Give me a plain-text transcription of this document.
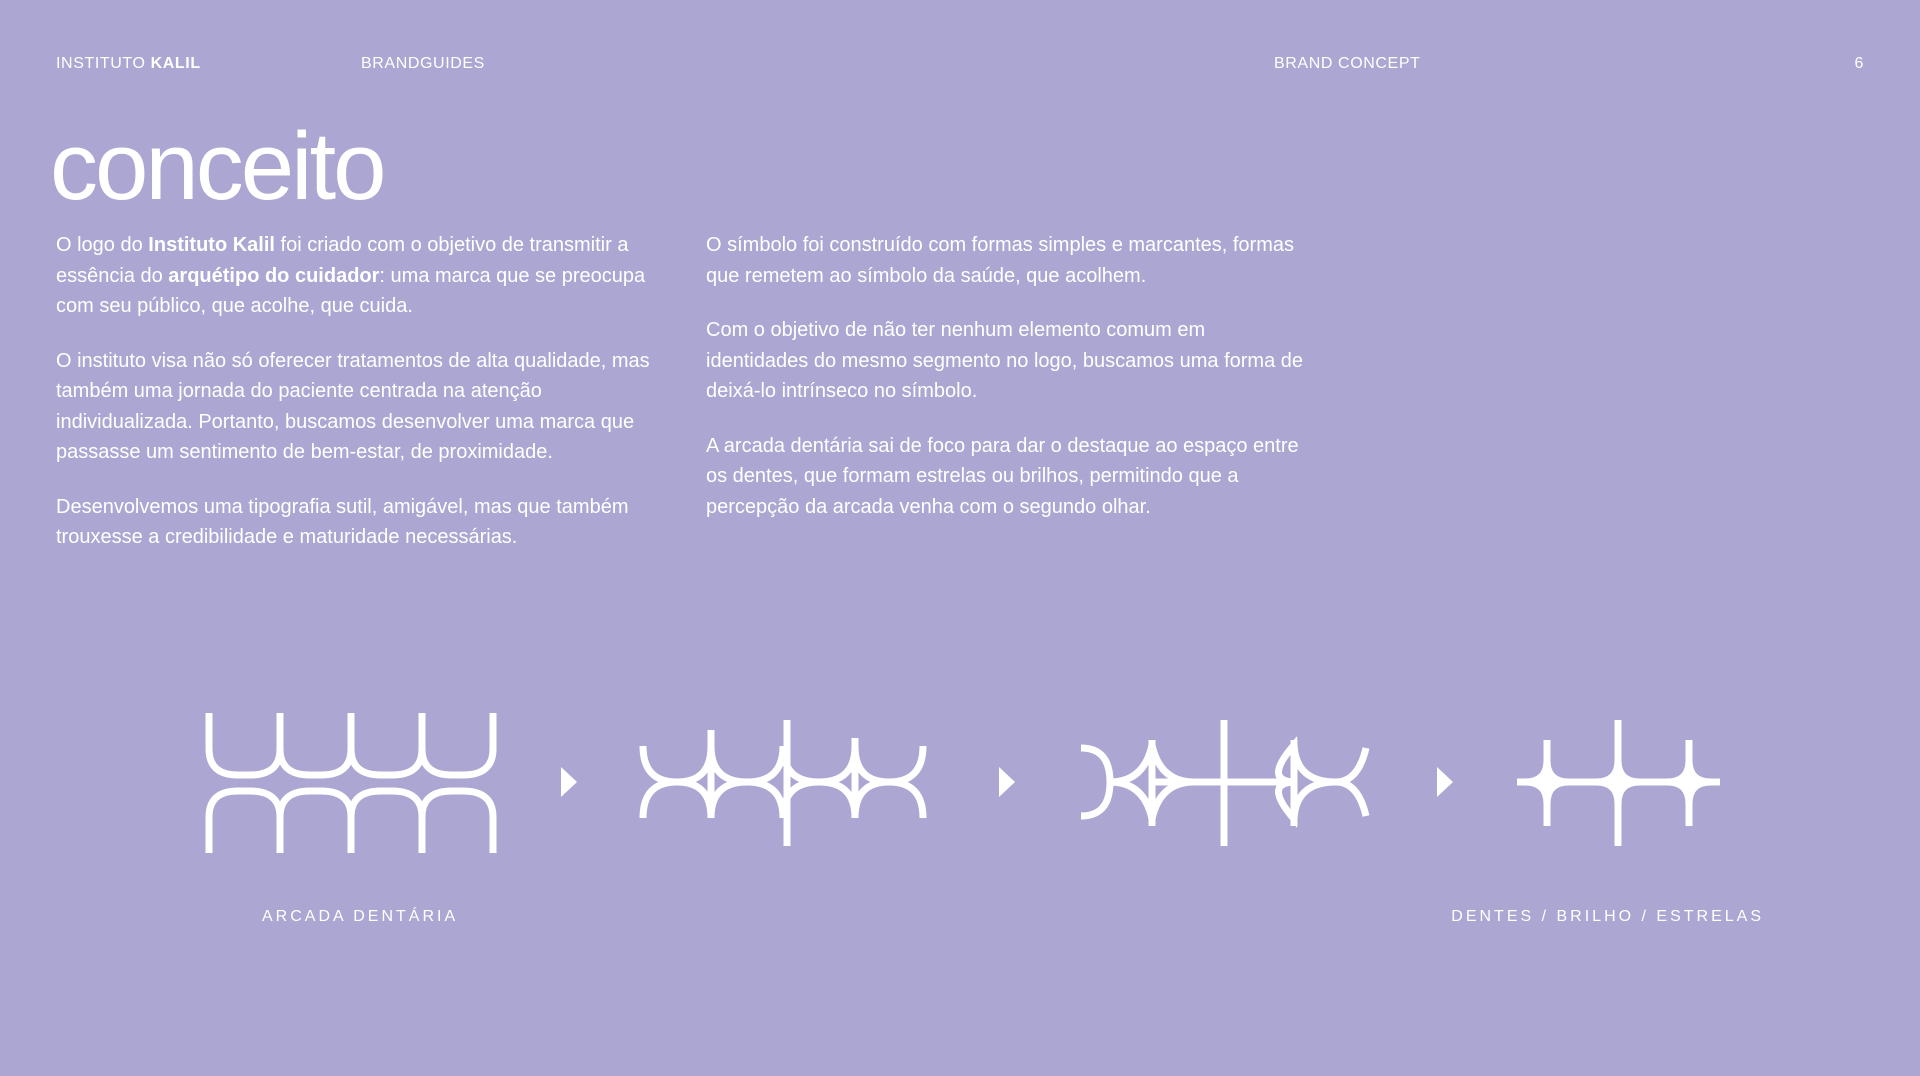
INSTITUTO KALIL	BRANDGUIDES	BRAND CONCEPT	6
conceito

O logo do Instituto Kalil foi criado com o objetivo de transmitir a essência do arquétipo do cuidador: uma marca que se preocupa com seu público, que acolhe, que cuida.

O instituto visa não só oferecer tratamentos de alta qualidade, mas também uma jornada do paciente centrada na atenção individualizada. Portanto, buscamos desenvolver uma marca que passasse um sentimento de bem-estar, de proximidade.

Desenvolvemos uma tipografia sutil, amigável, mas que também trouxesse a credibilidade e maturidade necessárias.

O símbolo foi construído com formas simples e marcantes, formas que remetem ao símbolo da saúde, que acolhem.

Com o objetivo de não ter nenhum elemento comum em identidades do mesmo segmento no logo, buscamos uma forma de deixá-lo intrínseco no símbolo.

A arcada dentária sai de foco para dar o destaque ao espaço entre os dentes, que formam estrelas ou brilhos, permitindo que a percepção da arcada venha com o segundo olhar.

ARCADA DENTÁRIA	DENTES / BRILHO / ESTRELAS
